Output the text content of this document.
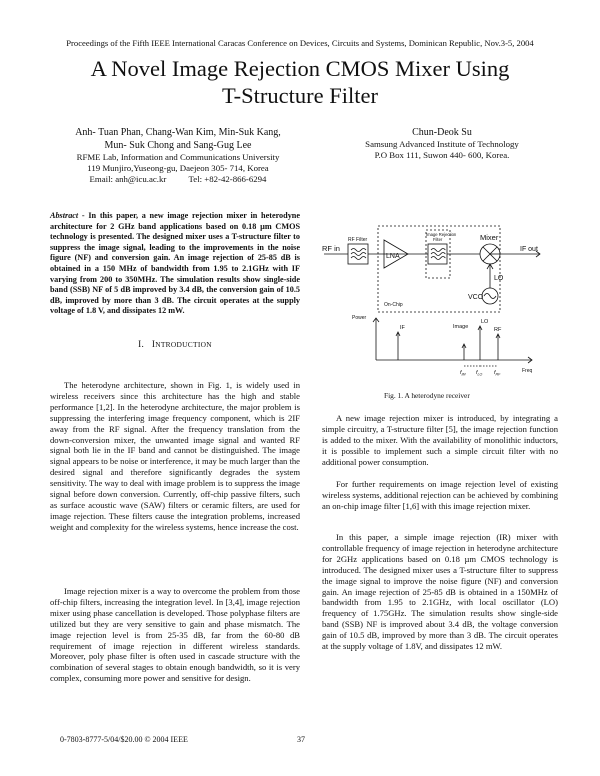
Proceedings of the Fifth IEEE International Caracas Conference on Devices, Circuits and Systems, Dominican Republic, Nov.3-5, 2004
A Novel Image Rejection CMOS Mixer Using
T-Structure Filter
Anh- Tuan Phan, Chang-Wan Kim, Min-Suk Kang,
Mun- Suk Chong and Sang-Gug Lee
RFME Lab, Information and Communications University
119 Munjiro,Yuseong-gu, Daejeon 305- 714, Korea
Email: anh@icu.ac.kr	Tel: +82-42-866-6294
Chun-Deok Su
Samsung Advanced Institute of Technology
P.O Box 111, Suwon 440- 600, Korea.
Abstract - In this paper, a new image rejection mixer in heterodyne architecture for 2 GHz band applications based on 0.18 µm CMOS technology is presented. The designed mixer uses a T-structure filter to suppress the image signal, leading to the improvements in the noise figure (NF) and conversion gain. An image rejection of 25-85 dB is obtained in a 150 MHz of bandwidth from 1.95 to 2.1GHz with IF varying from 200 to 350MHz. The simulation results show single-side band (SSB) NF of 5 dB improved by 3.4 dB, the conversion gain of 10.5 dB, improved by more than 3 dB. The circuit operates at the supply voltage of 1.8 V, and dissipates 12 mW.
I. INTRODUCTION
The heterodyne architecture, shown in Fig. 1, is widely used in wireless receivers since this architecture has the high and stable performance [1,2]. In the heterodyne architecture, the major problem is suppressing the interfering image frequency component, which is 2IF away from the RF signal. After the frequency translation from the down-conversion mixer, the unwanted image signal and wanted RF signal both lie in the IF band and cannot be distinguished. The image signal appears to be noise or interference, it may be much larger than the desired signal and therefore significantly degrades the system sensitivity. The way to deal with image problem is to suppress the image signal before down conversion. Currently, off-chip passive filters, such as surface acoustic wave (SAW) filters or ceramic filters, are used for image rejection. These filters cause the integration problems, increased weight and complexity for the wireless systems, hence increase the cost.
Image rejection mixer is a way to overcome the problem from those off-chip filters, increasing the integration level. In [3,4], image rejection mixer using phase cancellation is developed. Those polyphase filters are utilized but they are very sensitive to gain and phase mismatch. The image rejection level is from 25-35 dB, far from the 60-80 dB requirement of image rejection in different wireless standards. Moreover, poly phase filter is often used in cascade structure with the combination of several stages to obtain enough bandwidth, so it is very complex, consuming more power and sensitive for design.
RF in
RF Filter
LNA
Image Rejection
Filter	Mixer
IF out
LO
VCO
On-Chip
Power
IF	Image
LO
RF
$f_{IM}$ $f_{LO}$ $f_{RF}$
Freq
Fig. 1. A heterodyne receiver
A new image rejection mixer is introduced, by integrating a simple circuitry, a T-structure filter [5], the image rejection function is added to the mixer. With the availability of monolithic inductors, it is possible to implement such a simple circuit filter with no additional power consumption.
For further requirements on image rejection level of existing wireless systems, additional rejection can be achieved by combining an on-chip image filter [1,6] with this image rejection mixer.
In this paper, a simple image rejection (IR) mixer with controllable frequency of image rejection in heterodyne architecture for 2GHz applications based on 0.18 µm CMOS technology is introduced. The designed mixer uses a T-structure filter to suppress the image signal to improve the noise figure (NF) and conversion gain. An image rejection of 25-85 dB is obtained in a 150MHz of bandwidth from 1.95 to 2.1GHz, with local oscillator (LO) frequency of 1.75GHz. The simulation results show single-side band (SSB) NF is improved about 3.4 dB, the voltage conversion gain of 10.5 dB, improved by more than 3 dB. The circuit operates at the supply voltage of 1.8V, and dissipates 12 mW.
0-7803-8777-5/04/$20.00 © 2004 IEEE	37
